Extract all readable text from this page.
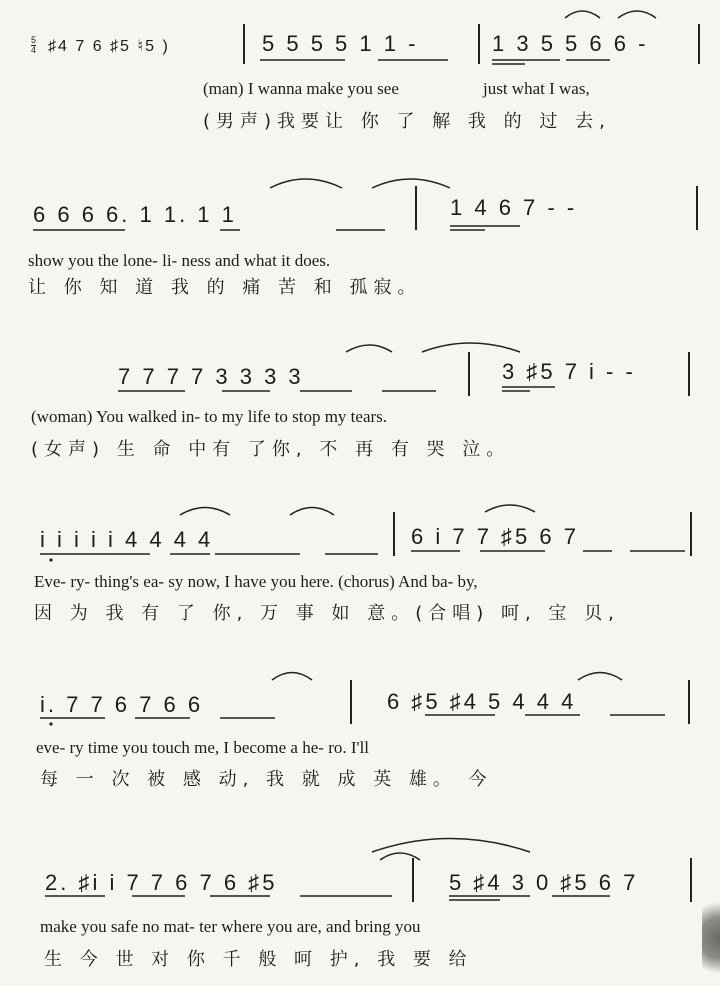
5
4 ♯4 7 6 ♯5 ♮5 )	5 5 5 5 1 1 -	1 3 5 5 6 6 -
(man) I wanna make you see	just what I was,
(男声)我要让 你 了 解 我 的 过 去,
6 6 6 6. 1 1. 1 1	1 4 6 7 - -
show you the lone- li- ness and what it does.
让 你 知 道 我 的 痛 苦 和 孤寂。
7 7 7 7 3 3 3 3	3 ♯5 7 i - -
(woman) You walked in- to my life to stop my tears.
(女声) 生 命 中有 了你, 不 再 有 哭 泣。
i i i i i 4 4 4 4	6 i 7 7 ♯5 6 7
Eve- ry- thing's ea- sy now, I have you here. (chorus) And ba- by,
因 为 我 有 了 你, 万 事 如 意。(合唱) 呵, 宝 贝,
i. 7 7 6 7 6 6	6 ♯5 ♯4 5 4 4 4
eve- ry time you touch me, I become a he- ro. I'll
每 一 次 被 感 动, 我 就 成 英 雄。 今
2. ♯i i 7 7 6 7 6 ♯5	5 ♯4 3 0 ♯5 6 7
make you safe no mat- ter where you are, and bring you
生 今 世 对 你 千 般 呵 护, 我 要 给
